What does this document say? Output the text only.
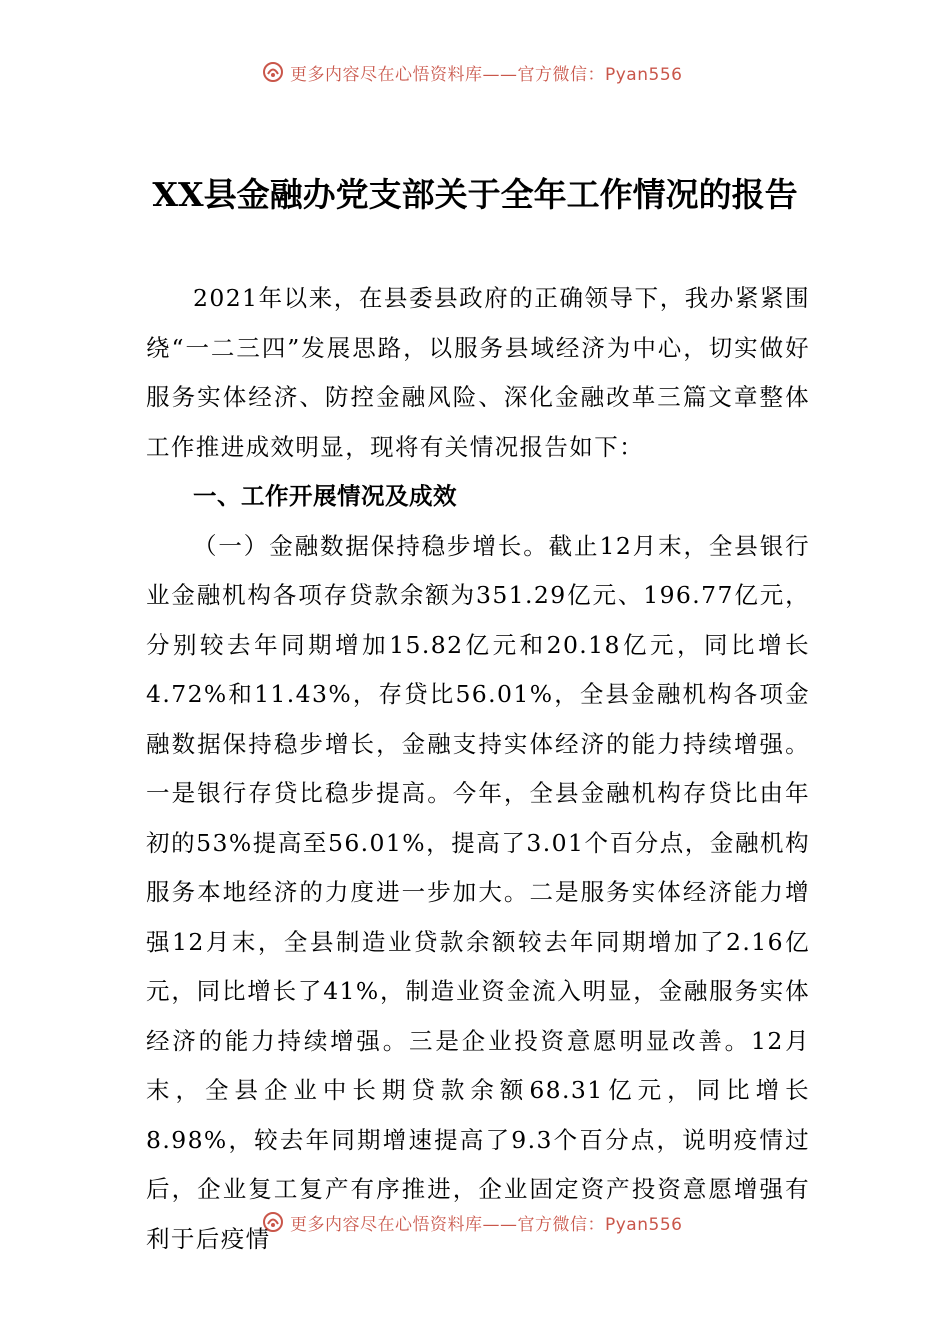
更多内容尽在心悟资料库——官方微信：Pyan556
XX县金融办党支部关于全年工作情况的报告

2021年以来，在县委县政府的正确领导下，我办紧紧围绕“一二三四”发展思路，以服务县域经济为中心，切实做好服务实体经济、防控金融风险、深化金融改革三篇文章整体工作推进成效明显，现将有关情况报告如下：

一、工作开展情况及成效

（一）金融数据保持稳步增长。截止12月末，全县银行业金融机构各项存贷款余额为351.29亿元、196.77亿元，分别较去年同期增加15.82亿元和20.18亿元，同比增长4.72%和11.43%，存贷比56.01%，全县金融机构各项金融数据保持稳步增长，金融支持实体经济的能力持续增强。一是银行存贷比稳步提高。今年，全县金融机构存贷比由年初的53%提高至56.01%，提高了3.01个百分点，金融机构服务本地经济的力度进一步加大。二是服务实体经济能力增强12月末，全县制造业贷款余额较去年同期增加了2.16亿元，同比增长了41%，制造业资金流入明显，金融服务实体经济的能力持续增强。三是企业投资意愿明显改善。12月末，全县企业中长期贷款余额68.31亿元，同比增长8.98%，较去年同期增速提高了9.3个百分点，说明疫情过后，企业复工复产有序推进，企业固定资产投资意愿增强有利于后疫情	更多内容尽在心悟资料库——官方微信：Pyan556
